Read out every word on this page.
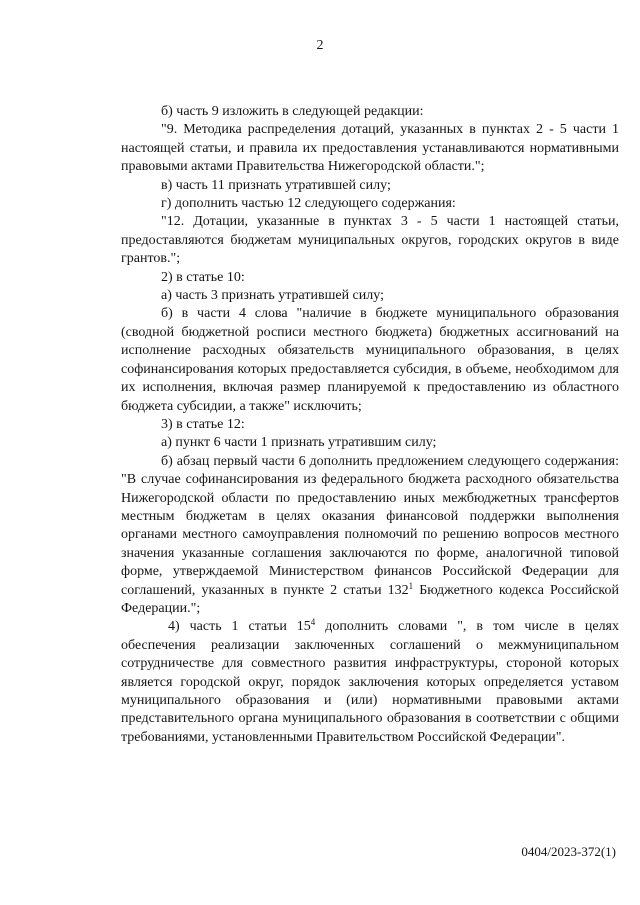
2

б) часть 9 изложить в следующей редакции:

"9. Методика распределения дотаций, указанных в пунктах 2 - 5 части 1 настоящей статьи, и правила их предоставления устанавливаются нормативными правовыми актами Правительства Нижегородской области.";

в) часть 11 признать утратившей силу;

г) дополнить частью 12 следующего содержания:

"12. Дотации, указанные в пунктах 3 - 5 части 1 настоящей статьи, предоставляются бюджетам муниципальных округов, городских округов в виде грантов.";

2) в статье 10:

а) часть 3 признать утратившей силу;

б) в части 4 слова "наличие в бюджете муниципального образования (сводной бюджетной росписи местного бюджета) бюджетных ассигнований на исполнение расходных обязательств муниципального образования, в целях софинансирования которых предоставляется субсидия, в объеме, необходимом для их исполнения, включая размер планируемой к предоставлению из областного бюджета субсидии, а также" исключить;

3) в статье 12:

а) пункт 6 части 1 признать утратившим силу;

б) абзац первый части 6 дополнить предложением следующего содержания: "В случае софинансирования из федерального бюджета расходного обязательства Нижегородской области по предоставлению иных межбюджетных трансфертов местным бюджетам в целях оказания финансовой поддержки выполнения органами местного самоуправления полномочий по решению вопросов местного значения указанные соглашения заключаются по форме, аналогичной типовой форме, утверждаемой Министерством финансов Российской Федерации для соглашений, указанных в пункте 2 статьи $132^1$ Бюджетного кодекса Российской Федерации.";

4) часть 1 статьи $15^4$ дополнить словами ", в том числе в целях обеспечения реализации заключенных соглашений о межмуниципальном сотрудничестве для совместного развития инфраструктуры, стороной которых является городской округ, порядок заключения которых определяется уставом муниципального образования и (или) нормативными правовыми актами представительного органа муниципального образования в соответствии с общими требованиями, установленными Правительством Российской Федерации".

0404/2023-372(1)
